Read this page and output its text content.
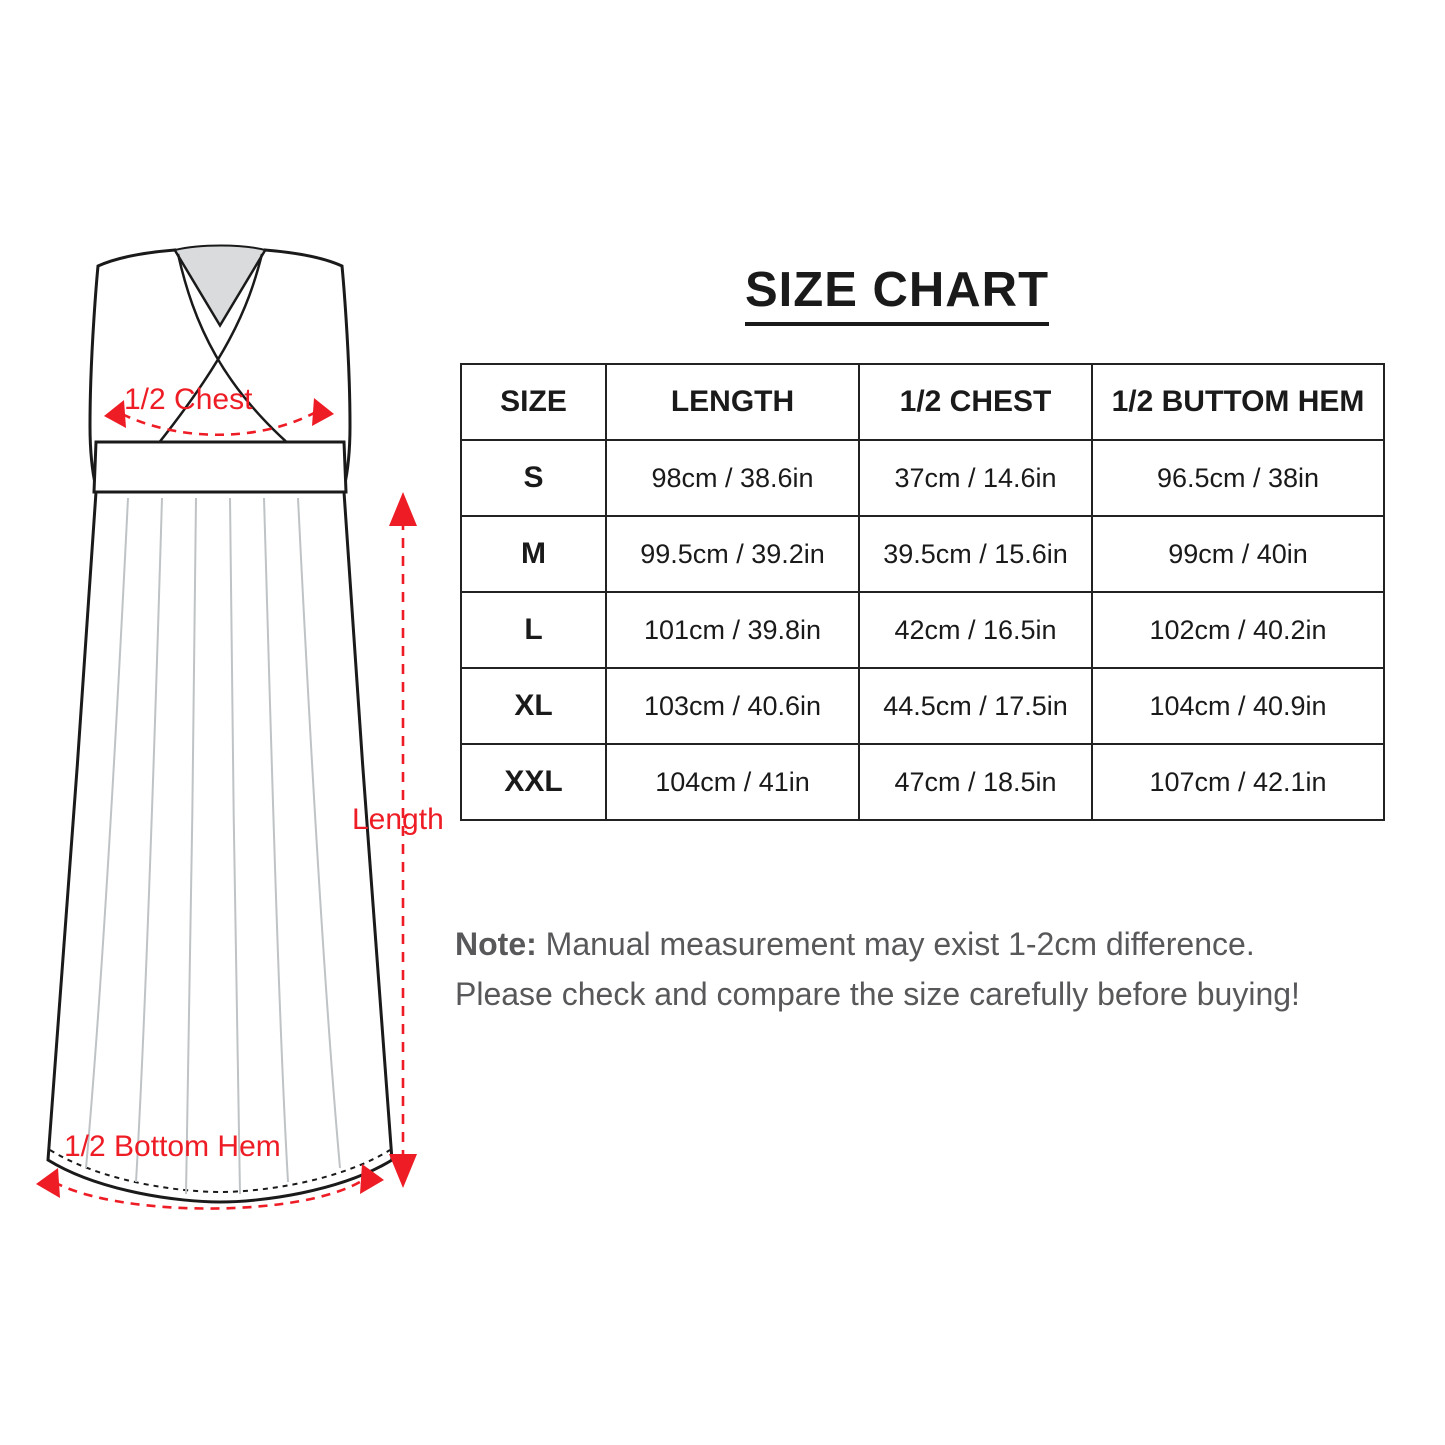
1/2 Chest
Length
1/2 Bottom Hem
SIZE CHART
SIZE	LENGTH	1/2 CHEST	1/2 BUTTOM HEM
S	98cm / 38.6in	37cm / 14.6in	96.5cm / 38in
M	99.5cm / 39.2in	39.5cm / 15.6in	99cm / 40in
L	101cm / 39.8in	42cm / 16.5in	102cm / 40.2in
XL	103cm / 40.6in	44.5cm / 17.5in	104cm / 40.9in
XXL	104cm / 41in	47cm / 18.5in	107cm / 42.1in
Note: Manual measurement may exist 1-2cm difference.
Please check and compare the size carefully before buying!
